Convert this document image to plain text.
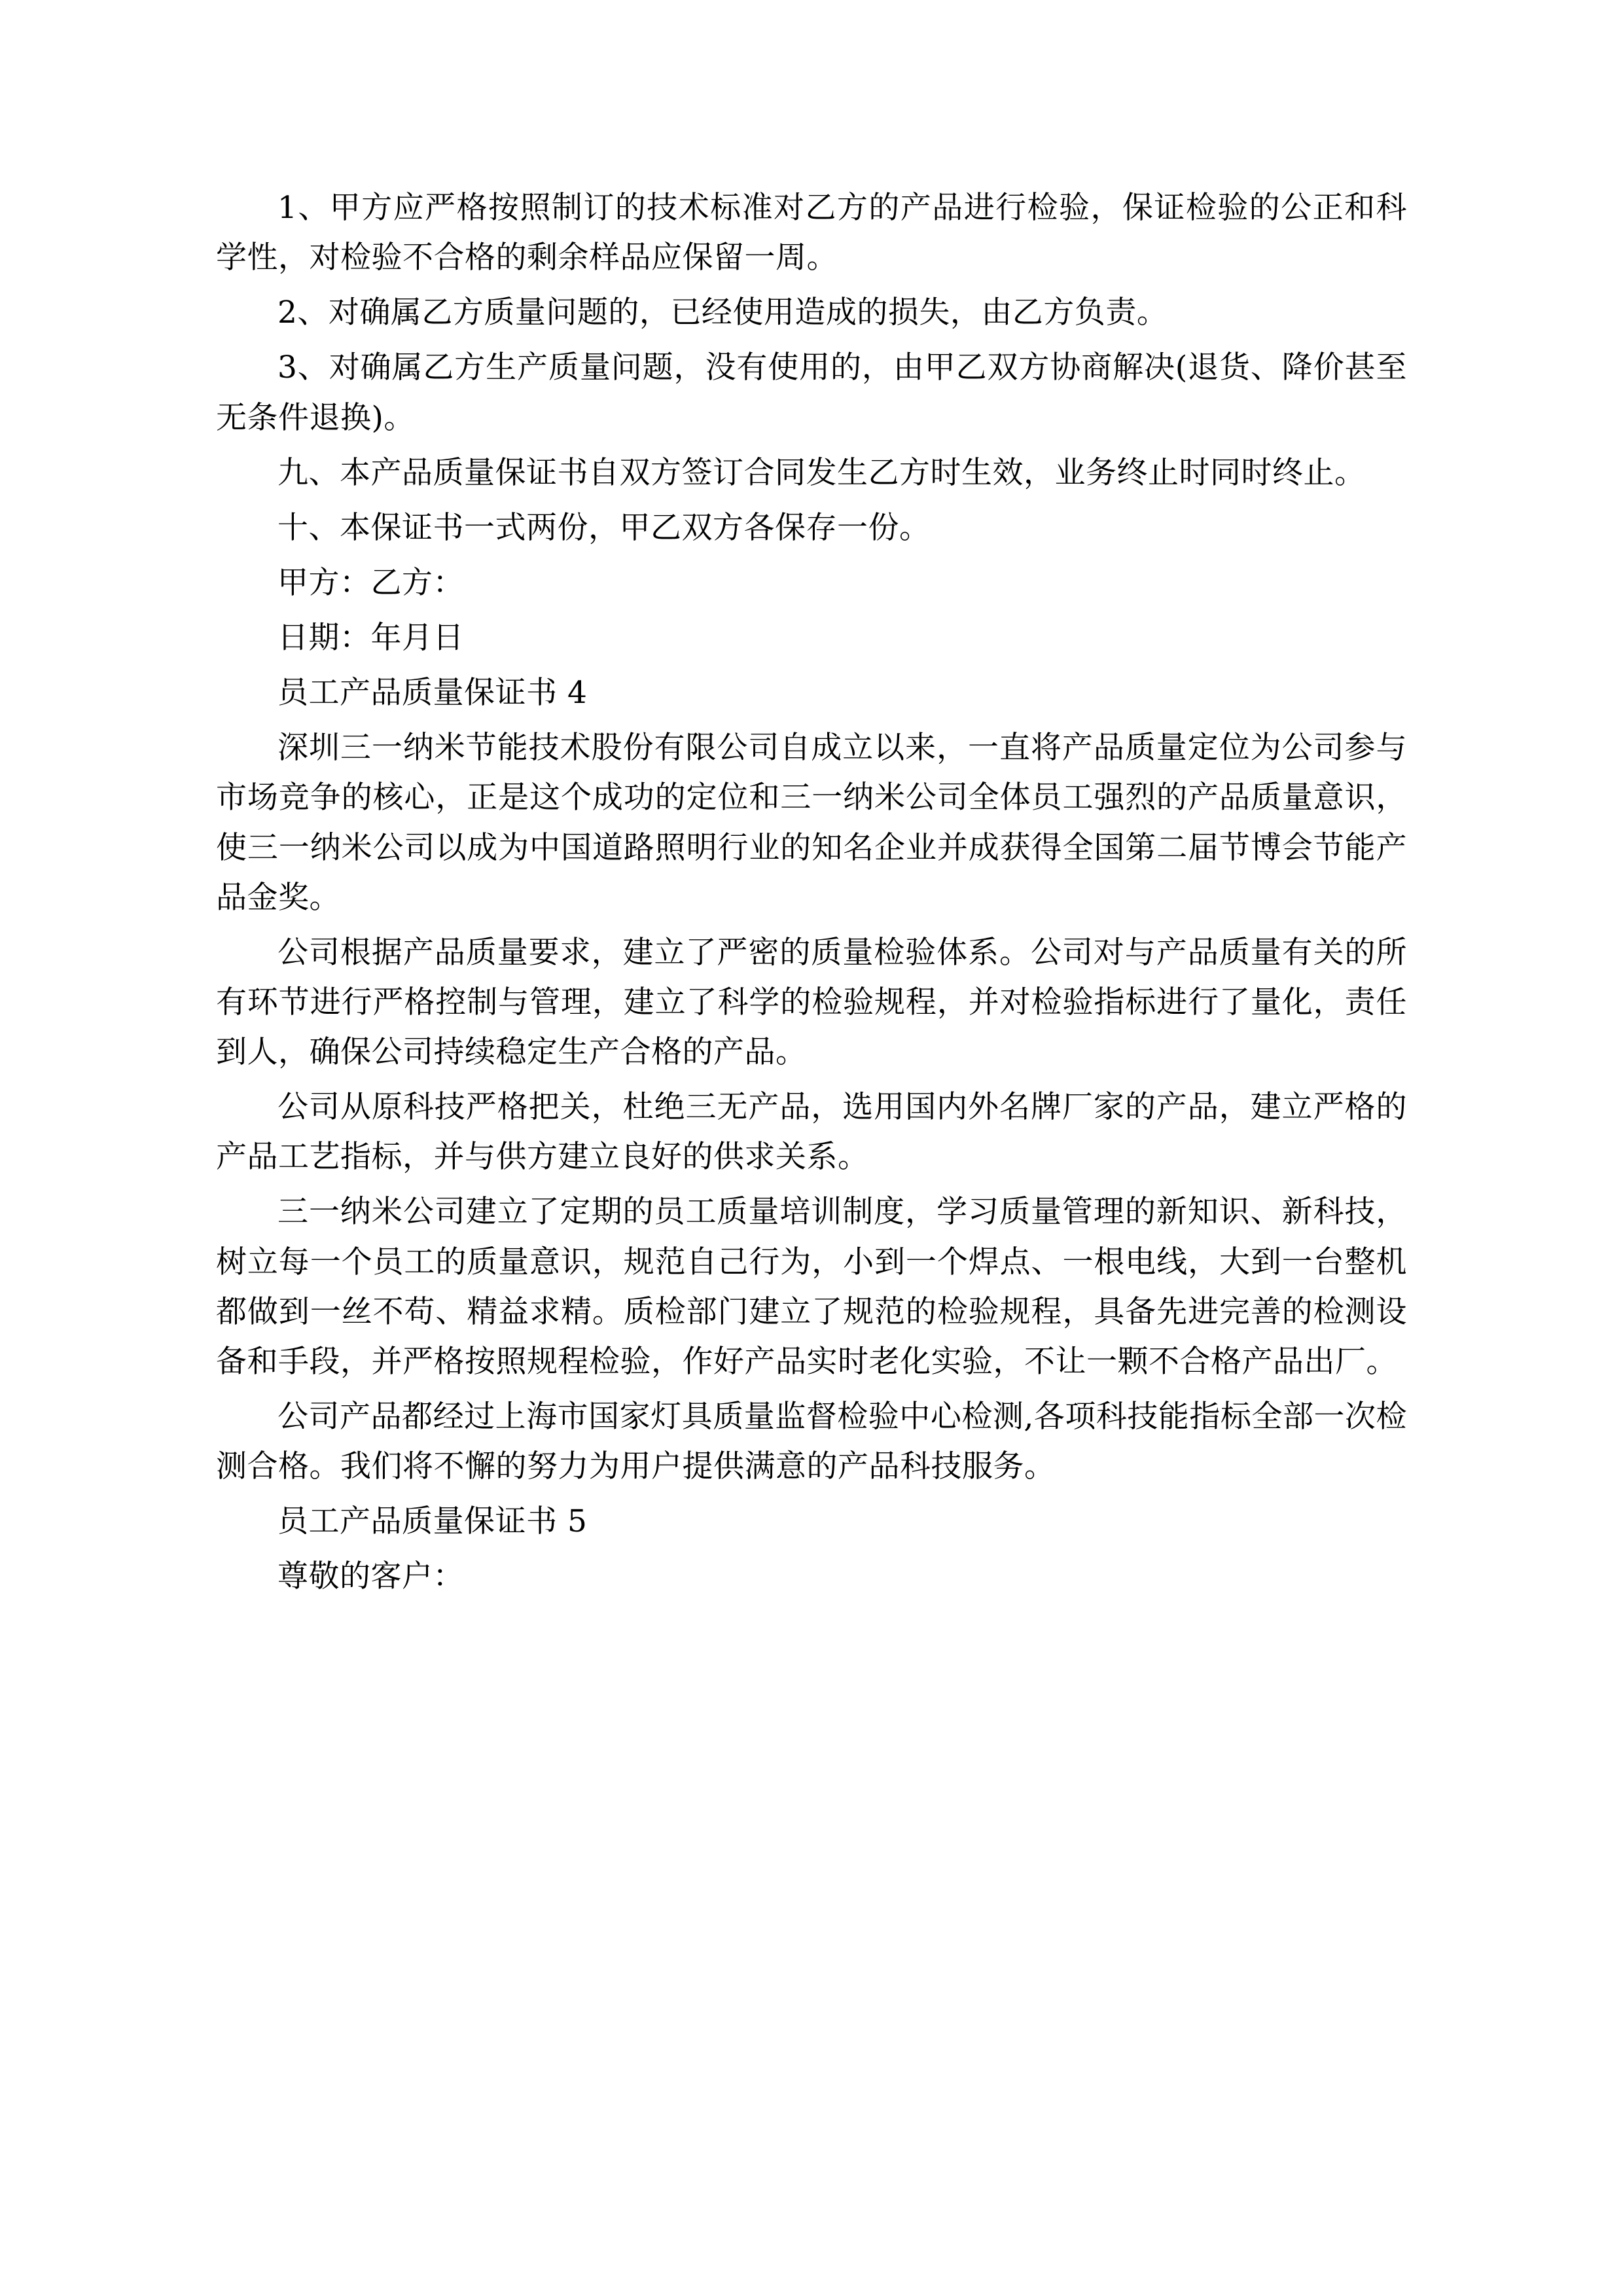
1、甲方应严格按照制订的技术标准对乙方的产品进行检验，保证检验的公正和科学性，对检验不合格的剩余样品应保留一周。

2、对确属乙方质量问题的，已经使用造成的损失，由乙方负责。

3、对确属乙方生产质量问题，没有使用的，由甲乙双方协商解决(退货、降价甚至无条件退换)。

九、本产品质量保证书自双方签订合同发生乙方时生效，业务终止时同时终止。

十、本保证书一式两份，甲乙双方各保存一份。

甲方：乙方：

日期：年月日

员工产品质量保证书 4

深圳三一纳米节能技术股份有限公司自成立以来，一直将产品质量定位为公司参与市场竞争的核心，正是这个成功的定位和三一纳米公司全体员工强烈的产品质量意识，使三一纳米公司以成为中国道路照明行业的知名企业并成获得全国第二届节博会节能产品金奖。

公司根据产品质量要求，建立了严密的质量检验体系。公司对与产品质量有关的所有环节进行严格控制与管理，建立了科学的检验规程，并对检验指标进行了量化，责任到人，确保公司持续稳定生产合格的产品。

公司从原科技严格把关，杜绝三无产品，选用国内外名牌厂家的产品，建立严格的产品工艺指标，并与供方建立良好的供求关系。

三一纳米公司建立了定期的员工质量培训制度，学习质量管理的新知识、新科技，树立每一个员工的质量意识，规范自己行为，小到一个焊点、一根电线，大到一台整机都做到一丝不苟、精益求精。质检部门建立了规范的检验规程，具备先进完善的检测设备和手段，并严格按照规程检验，作好产品实时老化实验，不让一颗不合格产品出厂。

公司产品都经过上海市国家灯具质量监督检验中心检测,各项科技能指标全部一次检测合格。我们将不懈的努力为用户提供满意的产品科技服务。

员工产品质量保证书 5

尊敬的客户：
